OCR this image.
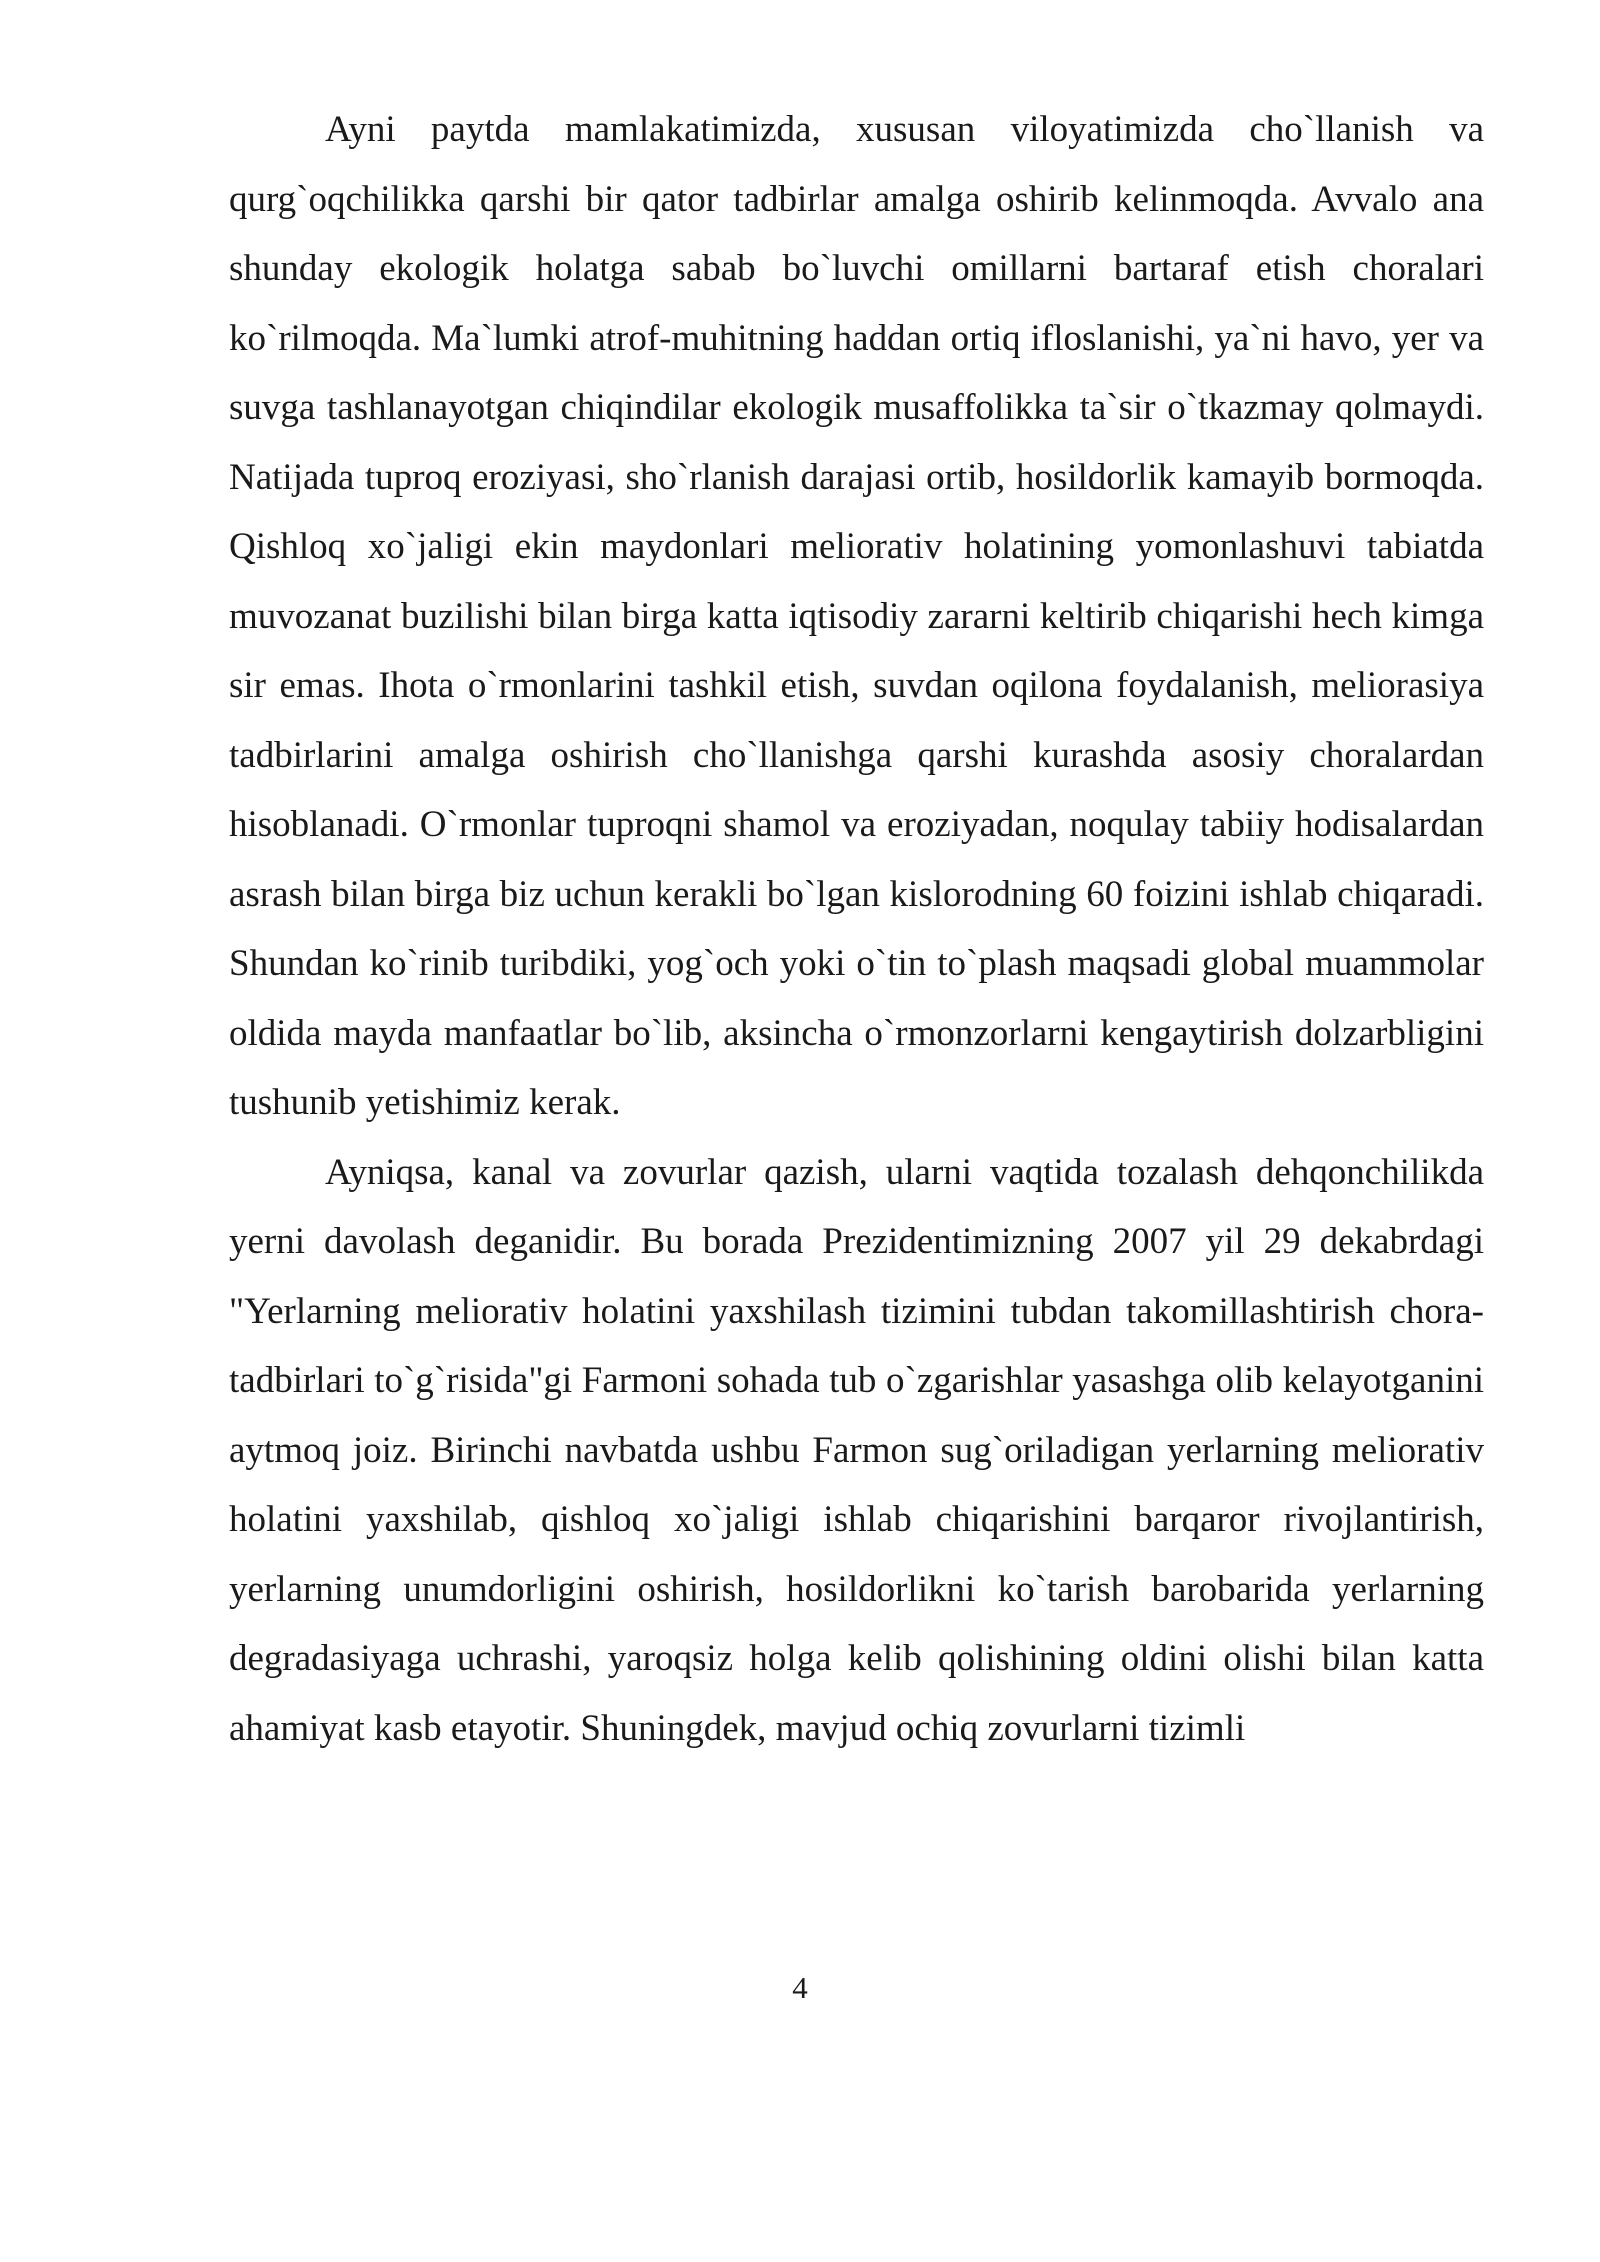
Ayni paytda mamlakatimizda, xususan viloyatimizda cho`llanish va qurg`oqchilikka qarshi bir qator tadbirlar amalga oshirib kelinmoqda. Avvalo ana shunday ekologik holatga sabab bo`luvchi omillarni bartaraf etish choralari ko`rilmoqda. Ma`lumki atrof-muhitning haddan ortiq ifloslanishi, ya`ni havo, yer va suvga tashlanayotgan chiqindilar ekologik musaffolikka ta`sir o`tkazmay qolmaydi. Natijada tuproq eroziyasi, sho`rlanish darajasi ortib, hosildorlik kamayib bormoqda. Qishloq xo`jaligi ekin maydonlari meliorativ holatining yomonlashuvi tabiatda muvozanat buzilishi bilan birga katta iqtisodiy zararni keltirib chiqarishi hech kimga sir emas. Ihota o`rmonlarini tashkil etish, suvdan oqilona foydalanish, meliorasiya tadbirlarini amalga oshirish cho`llanishga qarshi kurashda asosiy choralardan hisoblanadi. O`rmonlar tuproqni shamol va eroziyadan, noqulay tabiiy hodisalardan asrash bilan birga biz uchun kerakli bo`lgan kislorodning 60 foizini ishlab chiqaradi. Shundan ko`rinib turibdiki, yog`och yoki o`tin to`plash maqsadi global muammolar oldida mayda manfaatlar bo`lib, aksincha o`rmonzorlarni kengaytirish dolzarbligini tushunib yetishimiz kerak.

Ayniqsa, kanal va zovurlar qazish, ularni vaqtida tozalash dehqonchilikda yerni davolash deganidir. Bu borada Prezidentimizning 2007 yil 29 dekabrdagi "Yerlarning meliorativ holatini yaxshilash tizimini tubdan takomillashtirish chora-tadbirlari to`g`risida"gi Farmoni sohada tub o`zgarishlar yasashga olib kelayotganini aytmoq joiz. Birinchi navbatda ushbu Farmon sug`oriladigan yerlarning meliorativ holatini yaxshilab, qishloq xo`jaligi ishlab chiqarishini barqaror rivojlantirish, yerlarning unumdorligini oshirish, hosildorlikni ko`tarish barobarida yerlarning degradasiyaga uchrashi, yaroqsiz holga kelib qolishining oldini olishi bilan katta ahamiyat kasb etayotir. Shuningdek, mavjud ochiq zovurlarni tizimli

4
